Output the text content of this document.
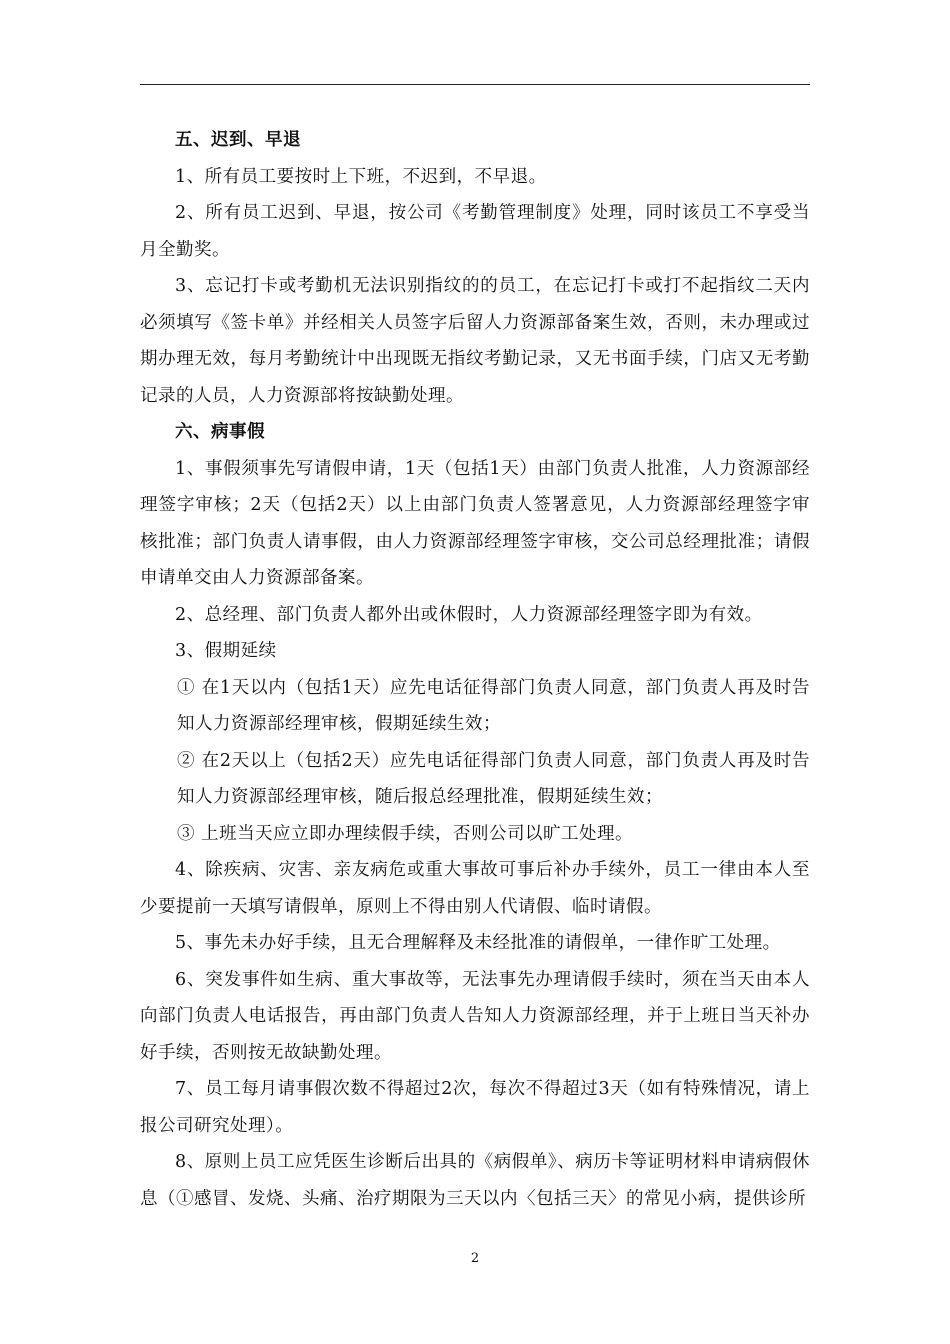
五、迟到、早退

1、所有员工要按时上下班，不迟到，不早退。

2、所有员工迟到、早退，按公司《考勤管理制度》处理，同时该员工不享受当月全勤奖。

3、忘记打卡或考勤机无法识别指纹的的员工，在忘记打卡或打不起指纹二天内必须填写《签卡单》并经相关人员签字后留人力资源部备案生效，否则，未办理或过期办理无效，每月考勤统计中出现既无指纹考勤记录，又无书面手续，门店又无考勤记录的人员，人力资源部将按缺勤处理。

六、病事假

1、事假须事先写请假申请，1天（包括1天）由部门负责人批准，人力资源部经理签字审核；2天（包括2天）以上由部门负责人签署意见，人力资源部经理签字审核批准；部门负责人请事假，由人力资源部经理签字审核，交公司总经理批准；请假申请单交由人力资源部备案。

2、总经理、部门负责人都外出或休假时，人力资源部经理签字即为有效。

3、假期延续

① 在1天以内（包括1天）应先电话征得部门负责人同意，部门负责人再及时告知人力资源部经理审核，假期延续生效；

② 在2天以上（包括2天）应先电话征得部门负责人同意，部门负责人再及时告知人力资源部经理审核，随后报总经理批准，假期延续生效；

③ 上班当天应立即办理续假手续，否则公司以旷工处理。

4、除疾病、灾害、亲友病危或重大事故可事后补办手续外，员工一律由本人至少要提前一天填写请假单，原则上不得由别人代请假、临时请假。

5、事先未办好手续，且无合理解释及未经批准的请假单，一律作旷工处理。

6、突发事件如生病、重大事故等，无法事先办理请假手续时，须在当天由本人向部门负责人电话报告，再由部门负责人告知人力资源部经理，并于上班日当天补办好手续，否则按无故缺勤处理。

7、员工每月请事假次数不得超过2次，每次不得超过3天（如有特殊情况，请上报公司研究处理）。

8、原则上员工应凭医生诊断后出具的《病假单》、病历卡等证明材料申请病假休息（①感冒、发烧、头痛、治疗期限为三天以内〈包括三天〉的常见小病，提供诊所

2
